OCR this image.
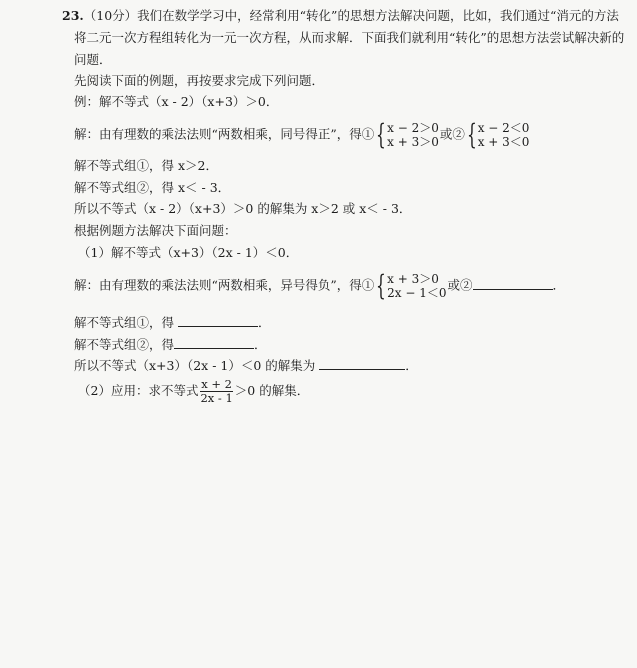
23.（10分）我们在数学学习中，经常利用“转化”的思想方法解决问题，比如，我们通过“消元的方法
将二元一次方程组转化为一元一次方程，从而求解．下面我们就利用“转化”的思想方法尝试解决新的
问题．
先阅读下面的例题，再按要求完成下列问题．
例：解不等式（x - 2）（x+3）＞0．
解：由有理数的乘法法则“两数相乘，同号得正”，得① { x − 2＞0
x + 3＞0
或② { x − 2＜0
x + 3＜0
解不等式组①，得 x＞2．
解不等式组②，得 x＜ - 3．
所以不等式（x - 2）（x+3）＞0 的解集为 x＞2 或 x＜ - 3．
根据例题方法解决下面问题：
（1）解不等式（x+3）（2x - 1）＜0．
解：由有理数的乘法法则“两数相乘，异号得负”，得① { x + 3＞0
2x − 1＜0
或②	．
解不等式组①，得	．
解不等式组②，得	．
所以不等式（x+3）（2x - 1）＜0 的解集为	．
（2）应用：求不等式 $\frac{x + 2}{2x - 1} >0$ 的解集．
